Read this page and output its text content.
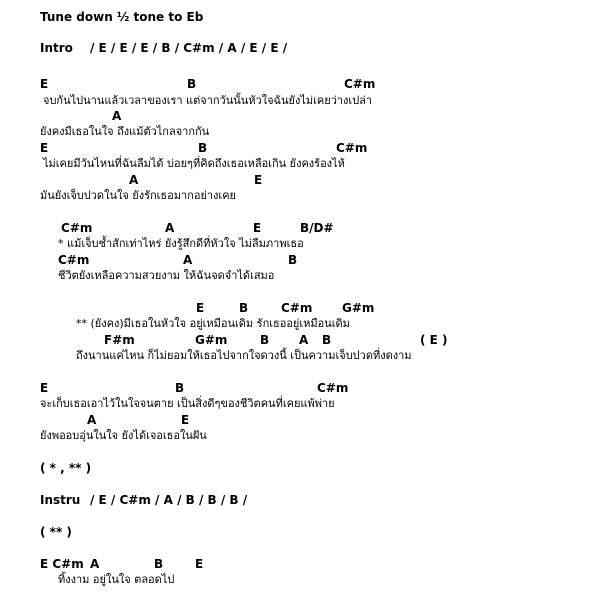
Tune down ½ tone to Eb
Intro / E / E / E / B / C#m / A / E / E /
E	B	C#m
จบกันไปนานแล้วเวลาของเรา แต่จากวันนั้นหัวใจฉันยังไม่เคยว่างเปล่า
A
ยังคงมีเธอในใจ ถึงแม้ตัวไกลจากกัน
E	B	C#m
ไม่เคยมีวันไหนที่ฉันลืมได้ บ่อยๆที่คิดถึงเธอเหลือเกิน ยังคงร้องไห้
A	E
มันยังเจ็บปวดในใจ ยังรักเธอมากอย่างเคย
C#m	A	E	B/D#
* แม้เจ็บช้ำสักเท่าไหร่ ยังรู้สึกดีที่หัวใจ ไม่ลืมภาพเธอ
C#m	A	B
ชีวิตยังเหลือความสวยงาม ให้ฉันจดจำได้เสมอ
E	B	C#m G#m
** (ยังคง)มีเธอในหัวใจ อยู่เหมือนเดิม รักเธออยู่เหมือนเดิม
F#m	G#m	B A B	( E )
ถึงนานแค่ไหน ก็ไม่ยอมให้เธอไปจากใจดวงนี้ เป็นความเจ็บปวดที่งดงาม
E	B	C#m
จะเก็บเธอเอาไว้ในใจจนตาย เป็นสิ่งดีๆของชีวิตคนที่เคยแพ้พ่าย
A	E
ยังพออบอุ่นในใจ ยังได้เจอเธอในฝัน
( * , ** )
Instru / E / C#m / A / B / B / B /
( ** )
E C#m A	B	E
ทิ้งงาม อยู่ในใจ ตลอดไป
